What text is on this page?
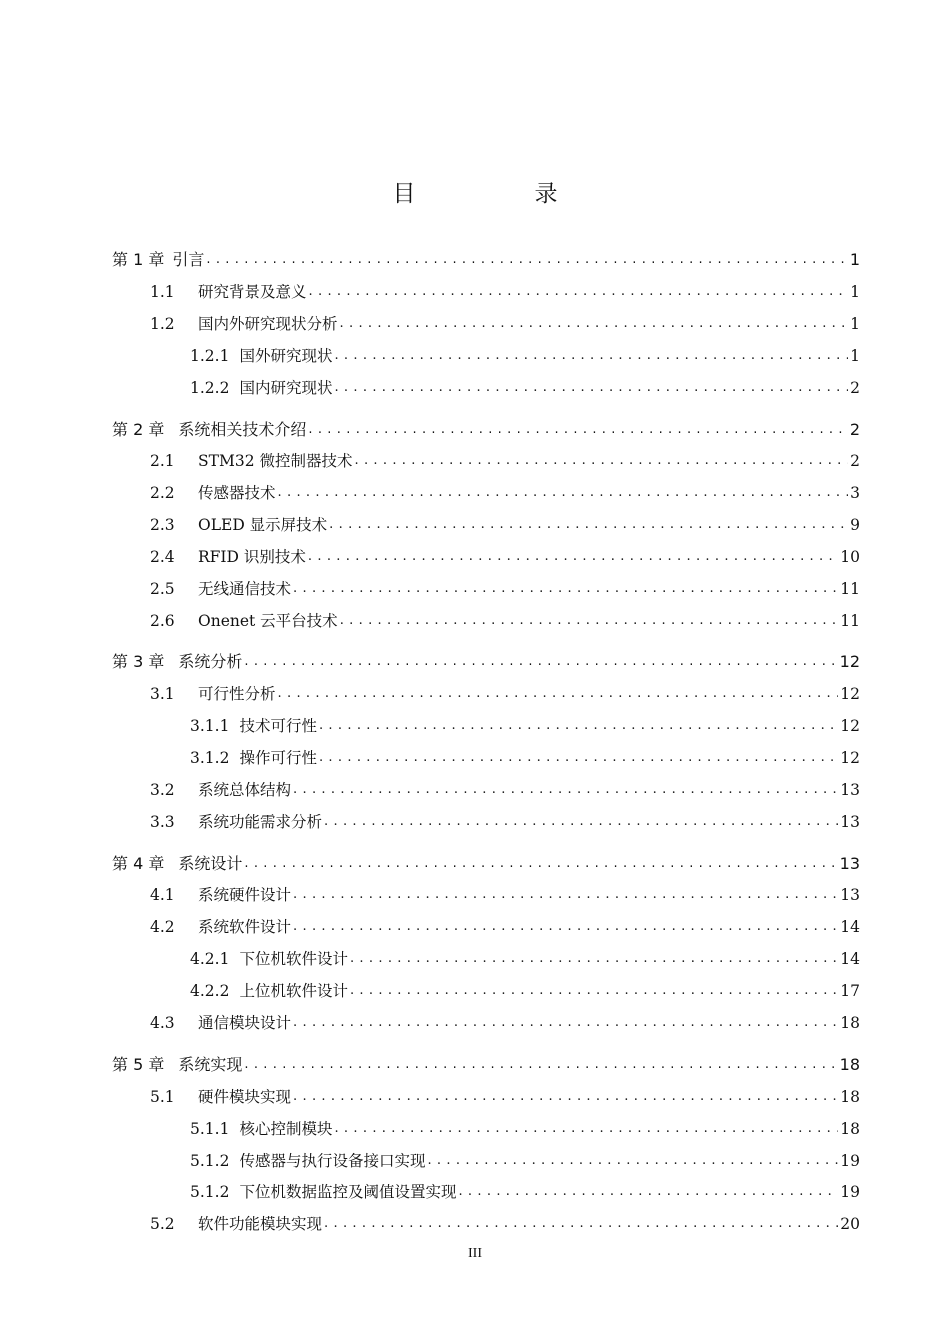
目　录
第 1 章 引言 . . .	1
1.1	研究背景及意义 . . .	1
1.2	国内外研究现状分析 . . .	1
1.2.1 国外研究现状 . . .	1
1.2.2 国内研究现状 . . .	2
第 2 章 系统相关技术介绍 . . .	2
2.1	STM32 微控制器技术 . . .	2
2.2	传感器技术 . . .	3
2.3	OLED 显示屏技术 . . .	9
2.4	RFID 识别技术 . . .	10
2.5	无线通信技术 . . .	11
2.6	Onenet 云平台技术 . . .	11
第 3 章 系统分析 . . .	12
3.1	可行性分析 . . .	12
3.1.1 技术可行性 . . .	12
3.1.2 操作可行性 . . .	12
3.2	系统总体结构 . . .	13
3.3	系统功能需求分析 . . .	13
第 4 章 系统设计 . . .	13
4.1	系统硬件设计 . . .	13
4.2	系统软件设计 . . .	14
4.2.1 下位机软件设计 . . .	14
4.2.2 上位机软件设计 . . .	17
4.3	通信模块设计 . . .	18
第 5 章 系统实现 . . .	18
5.1	硬件模块实现 . . .	18
5.1.1 核心控制模块 . . .	18
5.1.2 传感器与执行设备接口实现 . . .	19
5.1.2 下位机数据监控及阈值设置实现 . . .	19
5.2	软件功能模块实现 . . .	20
III
